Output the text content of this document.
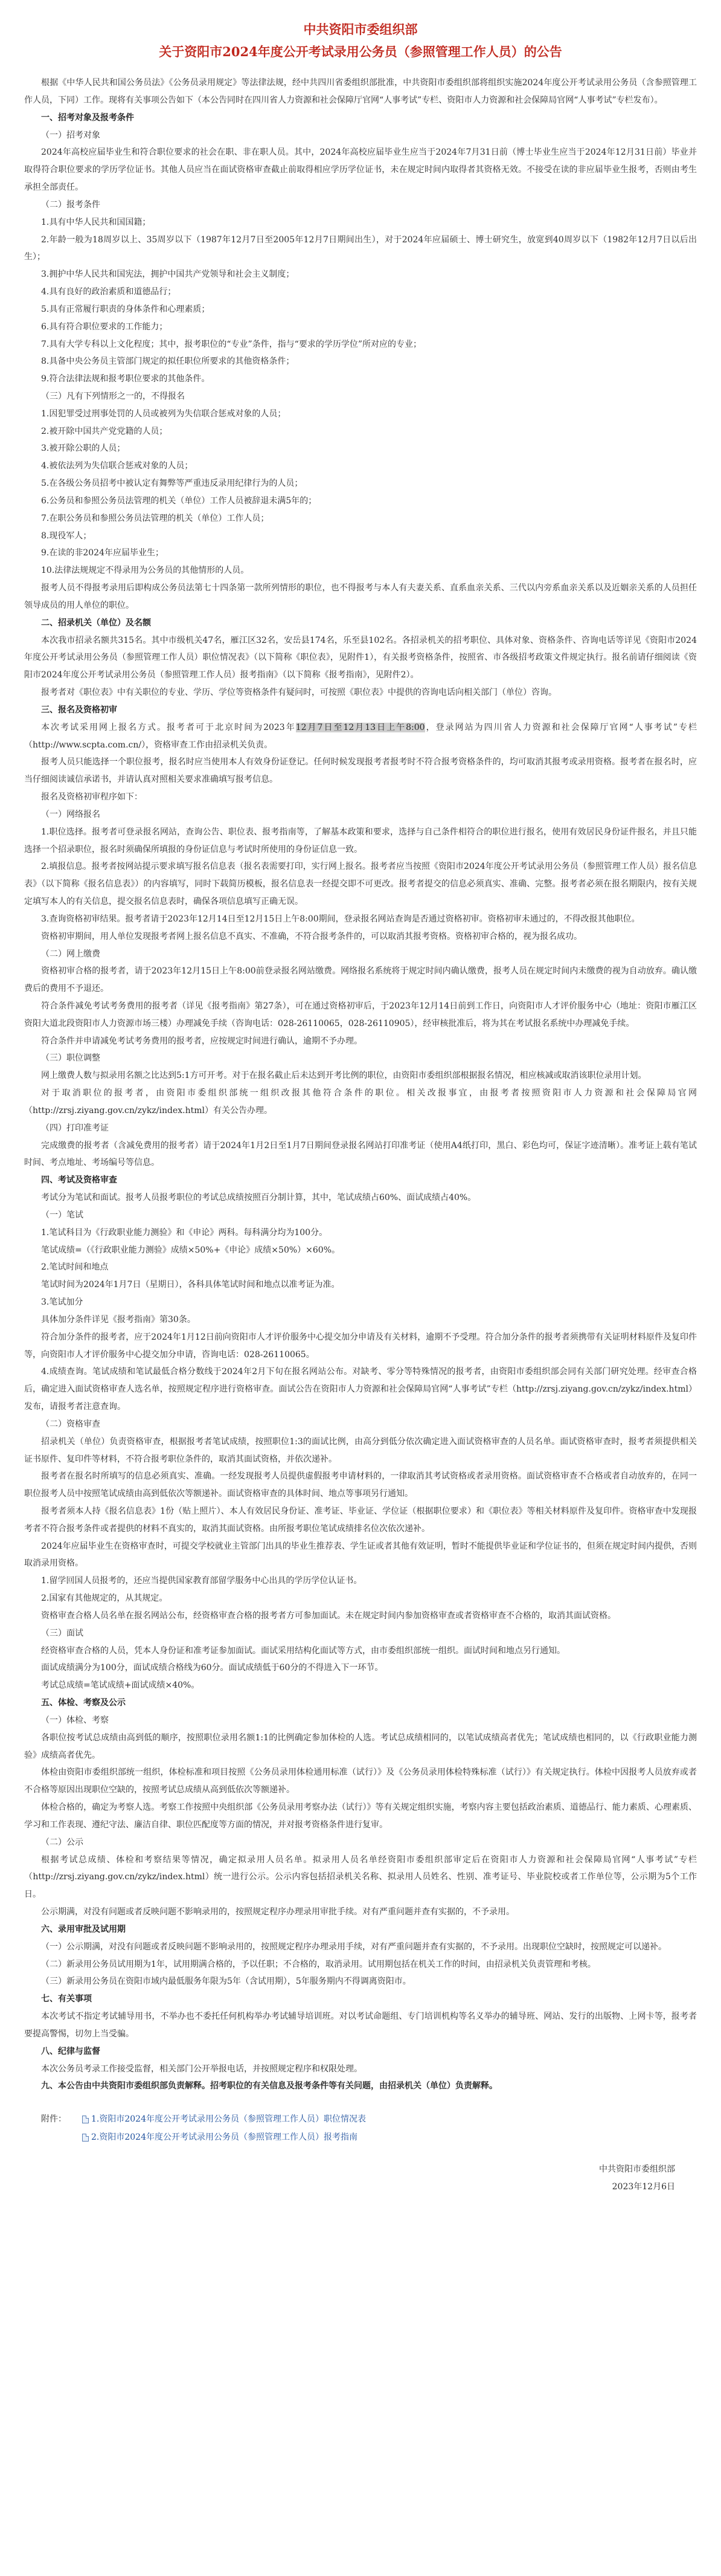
中共资阳市委组织部
关于资阳市2024年度公开考试录用公务员（参照管理工作人员）的公告

根据《中华人民共和国公务员法》《公务员录用规定》等法律法规，经中共四川省委组织部批准，中共资阳市委组织部将组织实施2024年度公开考试录用公务员（含参照管理工作人员，下同）工作。现将有关事项公告如下（本公告同时在四川省人力资源和社会保障厅官网“人事考试”专栏、资阳市人力资源和社会保障局官网“人事考试”专栏发布）。

一、招考对象及报考条件

（一）招考对象

2024年高校应届毕业生和符合职位要求的社会在职、非在职人员。其中，2024年高校应届毕业生应当于2024年7月31日前（博士毕业生应当于2024年12月31日前）毕业并取得符合职位要求的学历学位证书。其他人员应当在面试资格审查截止前取得相应学历学位证书，未在规定时间内取得者其资格无效。不接受在读的非应届毕业生报考，否则由考生承担全部责任。

（二）报考条件

1.具有中华人民共和国国籍；

2.年龄一般为18周岁以上、35周岁以下（1987年12月7日至2005年12月7日期间出生），对于2024年应届硕士、博士研究生，放宽到40周岁以下（1982年12月7日以后出生）；

3.拥护中华人民共和国宪法，拥护中国共产党领导和社会主义制度；

4.具有良好的政治素质和道德品行；

5.具有正常履行职责的身体条件和心理素质；

6.具有符合职位要求的工作能力；

7.具有大学专科以上文化程度；其中，报考职位的“专业”条件，指与“要求的学历学位”所对应的专业；

8.具备中央公务员主管部门规定的拟任职位所要求的其他资格条件；

9.符合法律法规和报考职位要求的其他条件。

（三）凡有下列情形之一的，不得报名

1.因犯罪受过刑事处罚的人员或被列为失信联合惩戒对象的人员；

2.被开除中国共产党党籍的人员；

3.被开除公职的人员；

4.被依法列为失信联合惩戒对象的人员；

5.在各级公务员招考中被认定有舞弊等严重违反录用纪律行为的人员；

6.公务员和参照公务员法管理的机关（单位）工作人员被辞退未满5年的；

7.在职公务员和参照公务员法管理的机关（单位）工作人员；

8.现役军人；

9.在读的非2024年应届毕业生；

10.法律法规规定不得录用为公务员的其他情形的人员。

报考人员不得报考录用后即构成公务员法第七十四条第一款所列情形的职位，也不得报考与本人有夫妻关系、直系血亲关系、三代以内旁系血亲关系以及近姻亲关系的人员担任领导成员的用人单位的职位。

二、招录机关（单位）及名额

本次我市招录名额共315名。其中市级机关47名，雁江区32名，安岳县174名，乐至县102名。各招录机关的招考职位、具体对象、资格条件、咨询电话等详见《资阳市2024年度公开考试录用公务员（参照管理工作人员）职位情况表》（以下简称《职位表》，见附件1），有关报考资格条件，按照省、市各级招考政策文件规定执行。报名前请仔细阅读《资阳市2024年度公开考试录用公务员（参照管理工作人员）报考指南》（以下简称《报考指南》，见附件2）。

报考者对《职位表》中有关职位的专业、学历、学位等资格条件有疑问时，可按照《职位表》中提供的咨询电话向相关部门（单位）咨询。

三、报名及资格初审

本次考试采用网上报名方式。报考者可于北京时间为2023年12月7日至12月13日上午8:00，登录网站为四川省人力资源和社会保障厅官网“人事考试”专栏（http://www.scpta.com.cn/），资格审查工作由招录机关负责。

报考人员只能选择一个职位报考，报名时应当使用本人有效身份证登记。任何时候发现报考者报考时不符合报考资格条件的，均可取消其报考或录用资格。报考者在报名时，应当仔细阅读诚信承诺书，并请认真对照相关要求准确填写报考信息。

报名及资格初审程序如下：

（一）网络报名

1.职位选择。报考者可登录报名网站，查询公告、职位表、报考指南等，了解基本政策和要求，选择与自己条件相符合的职位进行报名，使用有效居民身份证件报名，并且只能选择一个招录职位，报名时须确保所填报的身份证信息与考试时所使用的身份证信息一致。

2.填报信息。报考者按网站提示要求填写报名信息表（报名表需要打印，实行网上报名。报考者应当按照《资阳市2024年度公开考试录用公务员（参照管理工作人员）报名信息表》（以下简称《报名信息表》）的内容填写，同时下载简历模板，报名信息表一经提交即不可更改。报考者提交的信息必须真实、准确、完整。报考者必须在报名期限内，按有关规定填写本人的有关信息，提交报名信息表时，确保各项信息填写正确无误。

3.查询资格初审结果。报考者请于2023年12月14日至12月15日上午8:00期间，登录报名网站查询是否通过资格初审。资格初审未通过的，不得改报其他职位。

资格初审期间，用人单位发现报考者网上报名信息不真实、不准确，不符合报考条件的，可以取消其报考资格。资格初审合格的，视为报名成功。

（二）网上缴费

资格初审合格的报考者，请于2023年12月15日上午8:00前登录报名网站缴费。网络报名系统将于规定时间内确认缴费，报考人员在规定时间内未缴费的视为自动放弃。确认缴费后的费用不予退还。

符合条件减免考试考务费用的报考者（详见《报考指南》第27条），可在通过资格初审后，于2023年12月14日前到工作日，向资阳市人才评价服务中心（地址：资阳市雁江区资阳大道北段资阳市人力资源市场三楼）办理减免手续（咨询电话：028-26110065，028-26110905），经审核批准后，将为其在考试报名系统中办理减免手续。

符合条件并申请减免考试考务费用的报考者，应按规定时间进行确认，逾期不予办理。

（三）职位调整

网上缴费人数与拟录用名额之比达到5:1方可开考。对于在报名截止后未达到开考比例的职位，由资阳市委组织部根据报名情况，相应核减或取消该职位录用计划。

对于取消职位的报考者，由资阳市委组织部统一组织改报其他符合条件的职位。相关改报事宜，由报考者按照资阳市人力资源和社会保障局官网（http://zrsj.ziyang.gov.cn/zykz/index.html）有关公告办理。

（四）打印准考证

完成缴费的报考者（含减免费用的报考者）请于2024年1月2日至1月7日期间登录报名网站打印准考证（使用A4纸打印，黑白、彩色均可，保证字迹清晰）。准考证上载有笔试时间、考点地址、考场编号等信息。

四、考试及资格审查

考试分为笔试和面试。报考人员报考职位的考试总成绩按照百分制计算，其中，笔试成绩占60%、面试成绩占40%。

（一）笔试

1.笔试科目为《行政职业能力测验》和《申论》两科。每科满分均为100分。

笔试成绩=（《行政职业能力测验》成绩×50%+《申论》成绩×50%）×60%。

2.笔试时间和地点

笔试时间为2024年1月7日（星期日），各科具体笔试时间和地点以准考证为准。

3.笔试加分

具体加分条件详见《报考指南》第30条。

符合加分条件的报考者，应于2024年1月12日前向资阳市人才评价服务中心提交加分申请及有关材料，逾期不予受理。符合加分条件的报考者须携带有关证明材料原件及复印件等，向资阳市人才评价服务中心提交加分申请，咨询电话：028-26110065。

4.成绩查询。笔试成绩和笔试最低合格分数线于2024年2月下旬在报名网站公布。对缺考、零分等特殊情况的报考者，由资阳市委组织部会同有关部门研究处理。经审查合格后，确定进入面试资格审查人选名单，按照规定程序进行资格审查。面试公告在资阳市人力资源和社会保障局官网“人事考试”专栏（http://zrsj.ziyang.gov.cn/zykz/index.html）发布，请报考者注意查询。

（二）资格审查

招录机关（单位）负责资格审查，根据报考者笔试成绩，按照职位1:3的面试比例，由高分到低分依次确定进入面试资格审查的人员名单。面试资格审查时，报考者须提供相关证书原件、复印件等材料，不符合报考职位条件的，取消其面试资格，并依次递补。

报考者在报名时所填写的信息必须真实、准确。一经发现报考人员提供虚假报考申请材料的，一律取消其考试资格或者录用资格。面试资格审查不合格或者自动放弃的，在同一职位报考人员中按照笔试成绩由高到低依次等额递补。面试资格审查的具体时间、地点等事项另行通知。

报考者须本人持《报名信息表》1份（贴上照片）、本人有效居民身份证、准考证、毕业证、学位证（根据职位要求）和《职位表》等相关材料原件及复印件。资格审查中发现报考者不符合报考条件或者提供的材料不真实的，取消其面试资格。由所报考职位笔试成绩排名位次依次递补。

2024年应届毕业生在资格审查时，可提交学校就业主管部门出具的毕业生推荐表、学生证或者其他有效证明，暂时不能提供毕业证和学位证书的，但须在规定时间内提供，否则取消录用资格。

1.留学回国人员报考的，还应当提供国家教育部留学服务中心出具的学历学位认证书。

2.国家有其他规定的，从其规定。

资格审查合格人员名单在报名网站公布，经资格审查合格的报考者方可参加面试。未在规定时间内参加资格审查或者资格审查不合格的，取消其面试资格。

（三）面试

经资格审查合格的人员，凭本人身份证和准考证参加面试。面试采用结构化面试等方式，由市委组织部统一组织。面试时间和地点另行通知。

面试成绩满分为100分，面试成绩合格线为60分。面试成绩低于60分的不得进入下一环节。

考试总成绩=笔试成绩+面试成绩×40%。

五、体检、考察及公示

（一）体检、考察

各职位按考试总成绩由高到低的顺序，按照职位录用名额1:1的比例确定参加体检的人选。考试总成绩相同的，以笔试成绩高者优先；笔试成绩也相同的，以《行政职业能力测验》成绩高者优先。

体检由资阳市委组织部统一组织，体检标准和项目按照《公务员录用体检通用标准（试行）》及《公务员录用体检特殊标准（试行）》有关规定执行。体检中因报考人员放弃或者不合格等原因出现职位空缺的，按照考试总成绩从高到低依次等额递补。

体检合格的，确定为考察人选。考察工作按照中央组织部《公务员录用考察办法（试行）》等有关规定组织实施，考察内容主要包括政治素质、道德品行、能力素质、心理素质、学习和工作表现、遵纪守法、廉洁自律、职位匹配度等方面的情况，并对报考资格条件进行复审。

（二）公示

根据考试总成绩、体检和考察结果等情况，确定拟录用人员名单。拟录用人员名单经资阳市委组织部审定后在资阳市人力资源和社会保障局官网“人事考试”专栏（http://zrsj.ziyang.gov.cn/zykz/index.html）统一进行公示。公示内容包括招录机关名称、拟录用人员姓名、性别、准考证号、毕业院校或者工作单位等，公示期为5个工作日。

公示期满，对没有问题或者反映问题不影响录用的，按照规定程序办理录用审批手续。对有严重问题并查有实据的，不予录用。

六、录用审批及试用期

（一）公示期满，对没有问题或者反映问题不影响录用的，按照规定程序办理录用手续，对有严重问题并查有实据的，不予录用。出现职位空缺时，按照规定可以递补。

（二）新录用公务员试用期为1年，试用期满合格的，予以任职；不合格的，取消录用。试用期包括在机关工作的时间，由招录机关负责管理和考核。

（三）新录用公务员在资阳市域内最低服务年限为5年（含试用期），5年服务期内不得调离资阳市。

七、有关事项

本次考试不指定考试辅导用书，不举办也不委托任何机构举办考试辅导培训班。对以考试命题组、专门培训机构等名义举办的辅导班、网站、发行的出版物、上网卡等，报考者要提高警惕，切勿上当受骗。

八、纪律与监督

本次公务员考录工作接受监督，相关部门公开举报电话，并按照规定程序和权限处理。

九、本公告由中共资阳市委组织部负责解释。招考职位的有关信息及报考条件等有关问题，由招录机关（单位）负责解释。

附件：	1.资阳市2024年度公开考试录用公务员（参照管理工作人员）职位情况表
2.资阳市2024年度公开考试录用公务员（参照管理工作人员）报考指南
中共资阳市委组织部
2023年12月6日
